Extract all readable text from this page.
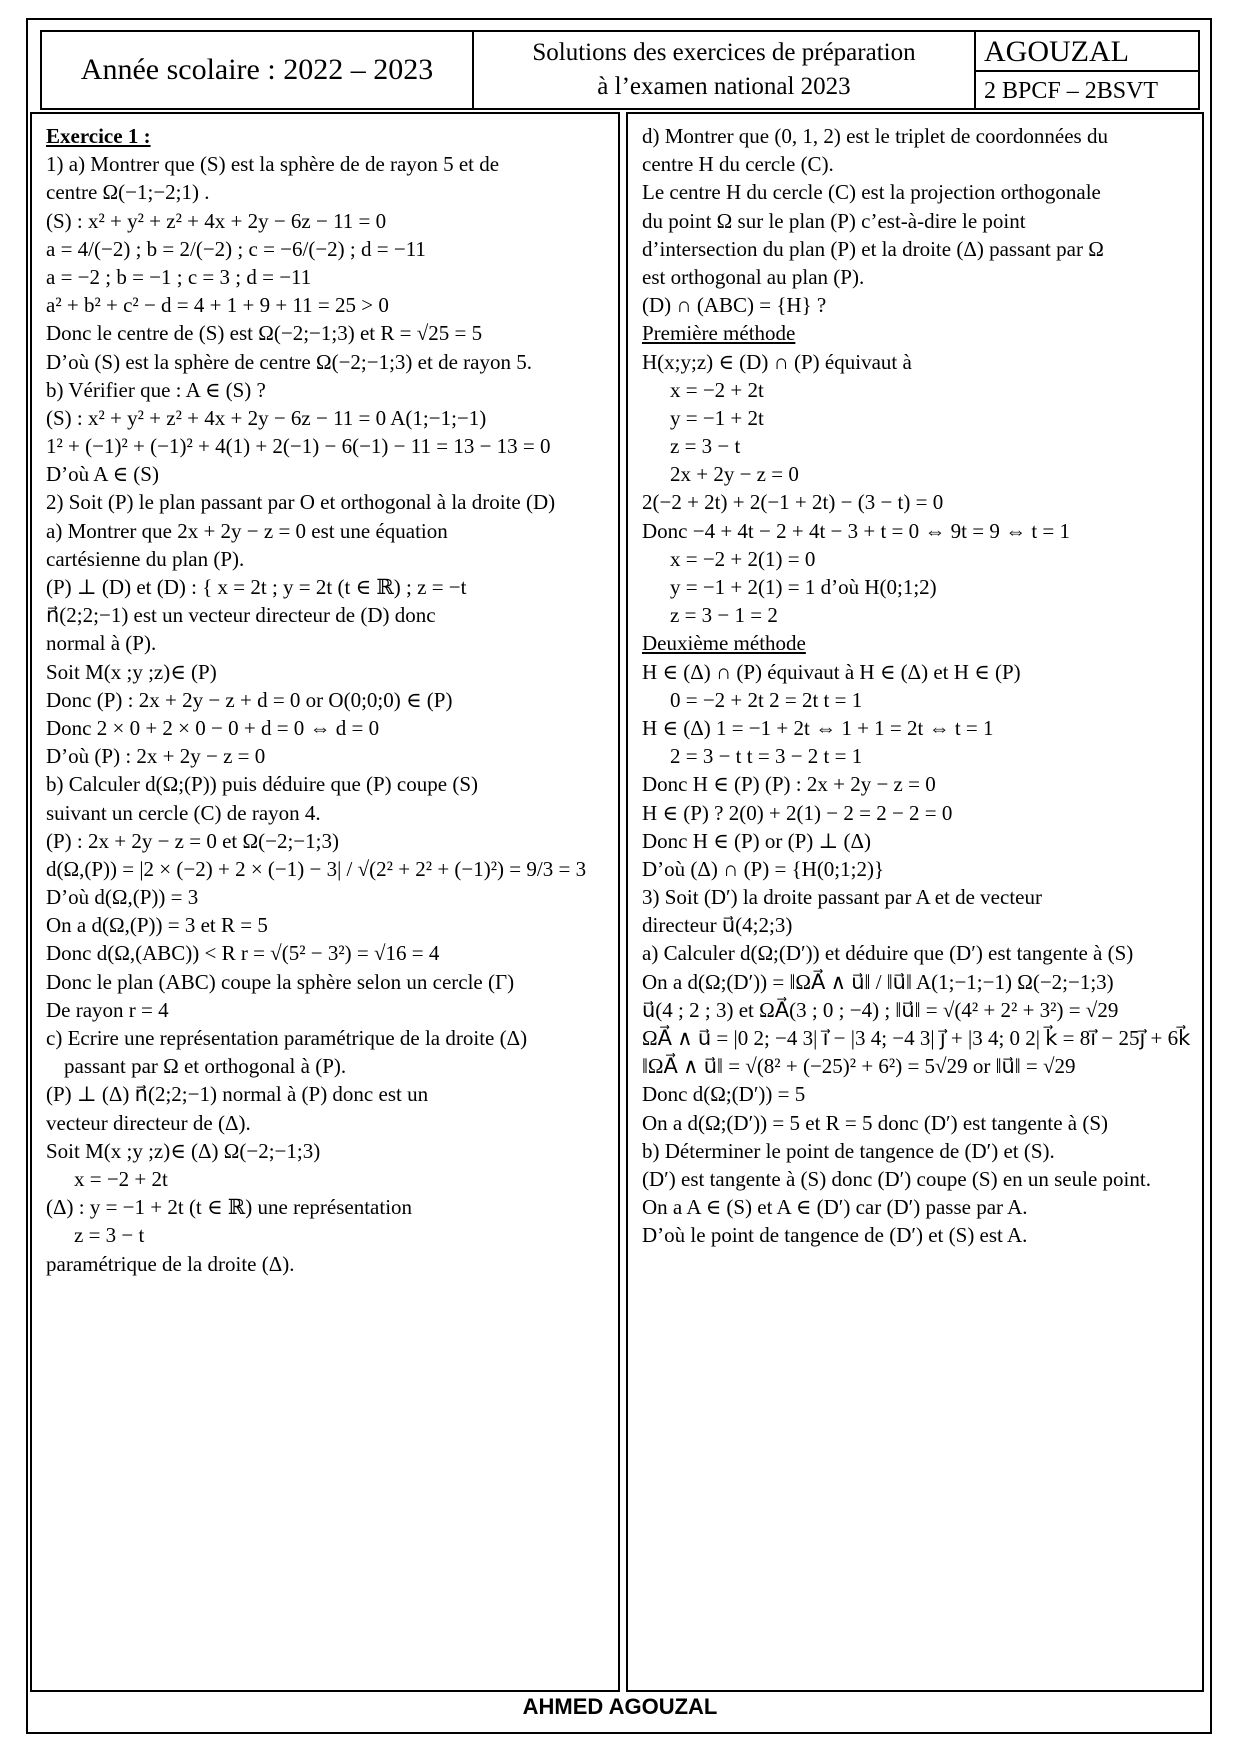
Année scolaire : 2022 – 2023
Solutions des exercices de préparation
à l’examen national 2023
AGOUZAL
2 BPCF – 2BSVT
Exercice 1 :
1) a) Montrer que (S) est la sphère de de rayon 5 et de
centre Ω(−1;−2;1) .
(S) : x² + y² + z² + 4x + 2y − 6z − 11 = 0
a = 4/(−2) ; b = 2/(−2) ; c = −6/(−2) ; d = −11
a = −2 ; b = −1 ; c = 3 ; d = −11
a² + b² + c² − d = 4 + 1 + 9 + 11 = 25 > 0
Donc le centre de (S) est Ω(−2;−1;3) et R = √25 = 5
D’où (S) est la sphère de centre Ω(−2;−1;3) et de rayon 5.
b) Vérifier que : A ∈ (S) ?
(S) : x² + y² + z² + 4x + 2y − 6z − 11 = 0 A(1;−1;−1)
1² + (−1)² + (−1)² + 4(1) + 2(−1) − 6(−1) − 11 = 13 − 13 = 0
D’où A ∈ (S)
2) Soit (P) le plan passant par O et orthogonal à la droite (D)
a) Montrer que 2x + 2y − z = 0 est une équation
cartésienne du plan (P).
(P) ⊥ (D) et (D) : { x = 2t ; y = 2t (t ∈ ℝ) ; z = −t
n⃗(2;2;−1) est un vecteur directeur de (D) donc
normal à (P).
Soit M(x ;y ;z)∈ (P)
Donc (P) : 2x + 2y − z + d = 0 or O(0;0;0) ∈ (P)
Donc 2 × 0 + 2 × 0 − 0 + d = 0 ⇔ d = 0
D’où (P) : 2x + 2y − z = 0
b) Calculer d(Ω;(P)) puis déduire que (P) coupe (S)
suivant un cercle (C) de rayon 4.
(P) : 2x + 2y − z = 0 et Ω(−2;−1;3)
d(Ω,(P)) = |2 × (−2) + 2 × (−1) − 3| / √(2² + 2² + (−1)²) = 9/3 = 3
D’où d(Ω,(P)) = 3
On a d(Ω,(P)) = 3 et R = 5
Donc d(Ω,(ABC)) < R r = √(5² − 3²) = √16 = 4
Donc le plan (ABC) coupe la sphère selon un cercle (Γ)
De rayon r = 4
c) Ecrire une représentation paramétrique de la droite (Δ)
passant par Ω et orthogonal à (P).
(P) ⊥ (Δ) n⃗(2;2;−1) normal à (P) donc est un
vecteur directeur de (Δ).
Soit M(x ;y ;z)∈ (Δ) Ω(−2;−1;3)
x = −2 + 2t
(Δ) : y = −1 + 2t (t ∈ ℝ) une représentation
z = 3 − t
paramétrique de la droite (Δ).
d) Montrer que (0, 1, 2) est le triplet de coordonnées du
centre H du cercle (C).
Le centre H du cercle (C) est la projection orthogonale
du point Ω sur le plan (P) c’est-à-dire le point
d’intersection du plan (P) et la droite (Δ) passant par Ω
est orthogonal au plan (P).
(D) ∩ (ABC) = {H} ?
Première méthode
H(x;y;z) ∈ (D) ∩ (P) équivaut à
x = −2 + 2t
y = −1 + 2t
z = 3 − t
2x + 2y − z = 0
2(−2 + 2t) + 2(−1 + 2t) − (3 − t) = 0
Donc −4 + 4t − 2 + 4t − 3 + t = 0 ⇔ 9t = 9 ⇔ t = 1
x = −2 + 2(1) = 0
y = −1 + 2(1) = 1 d’où H(0;1;2)
z = 3 − 1 = 2
Deuxième méthode
H ∈ (Δ) ∩ (P) équivaut à H ∈ (Δ) et H ∈ (P)
0 = −2 + 2t 2 = 2t t = 1
H ∈ (Δ) 1 = −1 + 2t ⇔ 1 + 1 = 2t ⇔ t = 1
2 = 3 − t t = 3 − 2 t = 1
Donc H ∈ (P) (P) : 2x + 2y − z = 0
H ∈ (P) ? 2(0) + 2(1) − 2 = 2 − 2 = 0
Donc H ∈ (P) or (P) ⊥ (Δ)
D’où (Δ) ∩ (P) = {H(0;1;2)}
3) Soit (D′) la droite passant par A et de vecteur
directeur u⃗(4;2;3)
a) Calculer d(Ω;(D′)) et déduire que (D′) est tangente à (S)
On a d(Ω;(D′)) = ‖ΩA⃗ ∧ u⃗‖ / ‖u⃗‖ A(1;−1;−1) Ω(−2;−1;3)
u⃗(4 ; 2 ; 3) et ΩA⃗(3 ; 0 ; −4) ; ‖u⃗‖ = √(4² + 2² + 3²) = √29
ΩA⃗ ∧ u⃗ = |0 2; −4 3| i⃗ − |3 4; −4 3| j⃗ + |3 4; 0 2| k⃗ = 8i⃗ − 25j⃗ + 6k⃗
‖ΩA⃗ ∧ u⃗‖ = √(8² + (−25)² + 6²) = 5√29 or ‖u⃗‖ = √29
Donc d(Ω;(D′)) = 5
On a d(Ω;(D′)) = 5 et R = 5 donc (D′) est tangente à (S)
b) Déterminer le point de tangence de (D′) et (S).
(D′) est tangente à (S) donc (D′) coupe (S) en un seule point.
On a A ∈ (S) et A ∈ (D′) car (D′) passe par A.
D’où le point de tangence de (D′) et (S) est A.
AHMED AGOUZAL
